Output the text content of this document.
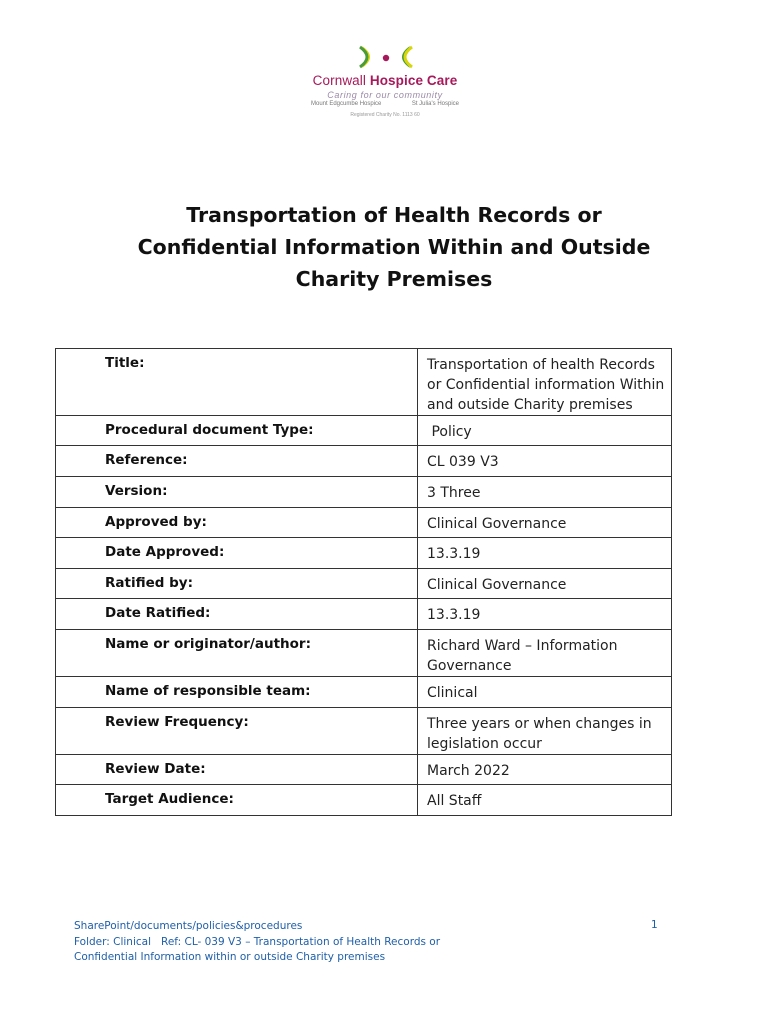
Cornwall Hospice Care
Caring for our community
Mount Edgcumbe Hospice	St Julia's Hospice
Registered Charity No. 1113 60
Transportation of Health Records or
Confidential Information Within and Outside
Charity Premises
Title:	Transportation of health Records or Confidential information Within and outside Charity premises
Procedural document Type:	Policy
Reference:	CL 039 V3
Version:	3 Three
Approved by:	Clinical Governance
Date Approved:	13.3.19
Ratified by:	Clinical Governance
Date Ratified:	13.3.19
Name or originator/author:	Richard Ward – Information Governance
Name of responsible team:	Clinical
Review Frequency:	Three years or when changes in legislation occur
Review Date:	March 2022
Target Audience:	All Staff
SharePoint/documents/policies&procedures
Folder: Clinical   Ref: CL- 039 V3 – Transportation of Health Records or
Confidential Information within or outside Charity premises
1
